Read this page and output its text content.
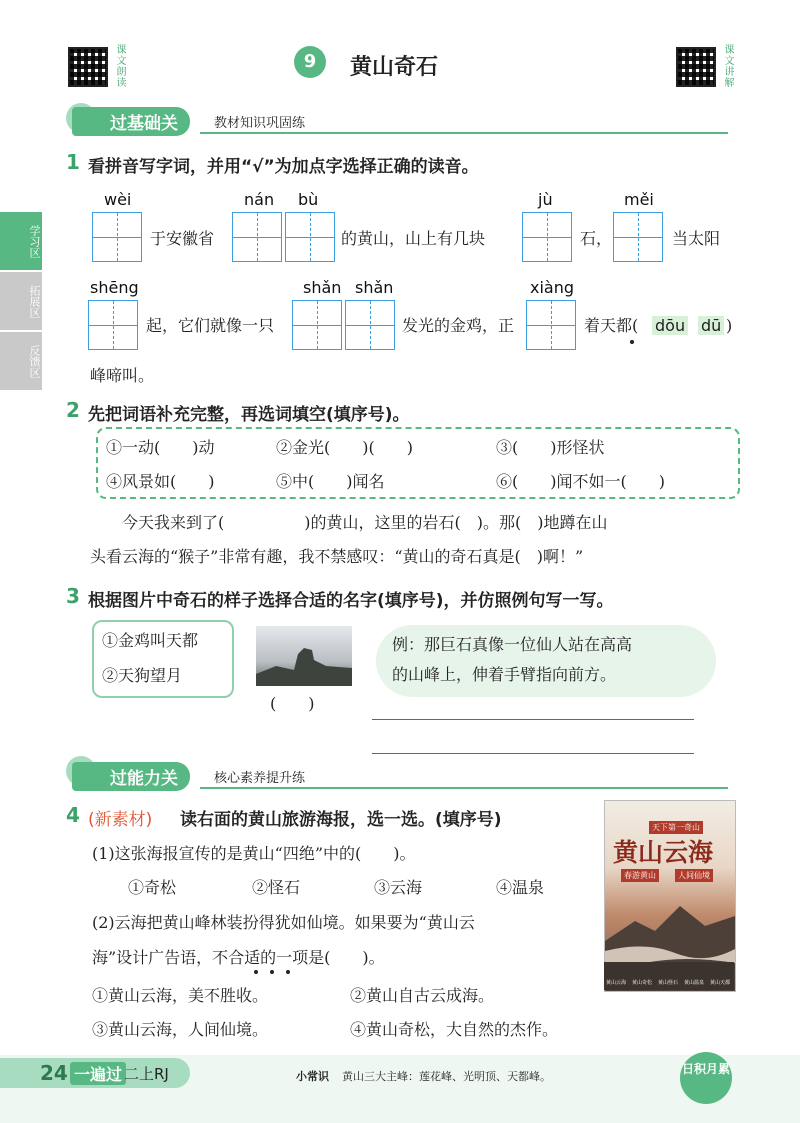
课文朗读	课文讲解
9	黄山奇石
过基础关	教材知识巩固练
学习区
拓展区
反馈区
1 看拼音写字词，并用“√”为加点字选择正确的读音。
wèi	nán bù	jù	měi
于安徽省	的黄山，山上有几块	石，	当太阳
shēng	shǎn shǎn	xiàng
起，它们就像一只	发光的金鸡，正	着天都( dōu dū )
峰啼叫。
2 先把词语补充完整，再选词填空(填序号)。
①一动(　　)动	②金光(　　)(　　)	③(　　)形怪状
④风景如(　　)	⑤中(　　)闻名	⑥(　　)闻不如一(　　)
今天我来到了(　　　　　)的黄山，这里的岩石(　)。那(　)地蹲在山
头看云海的“猴子”非常有趣，我不禁感叹：“黄山的奇石真是(　)啊！”
3 根据图片中奇石的样子选择合适的名字(填序号)，并仿照例句写一写。
①金鸡叫天都
②天狗望月
(　　)
例：那巨石真像一位仙人站在高高
的山峰上，伸着手臂指向前方。
过能力关	核心素养提升练
4 (新素材) 读右面的黄山旅游海报，选一选。(填序号)
(1)这张海报宣传的是黄山“四绝”中的(　　)。
①奇松	②怪石	③云海	④温泉
(2)云海把黄山峰林装扮得犹如仙境。如果要为“黄山云
海”设计广告语，不合适的一项是(　　)。
①黄山云海，美不胜收。	②黄山自古云成海。
③黄山云海，人间仙境。	④黄山奇松，大自然的杰作。
天下第一奇山
黄山云海
春游黄山	人间仙境
黄山云海 黄山奇松 黄山怪石 黄山温泉 黄山天都
24 一遍过 二上RJ	小常识 黄山三大主峰：莲花峰、光明顶、天都峰。
日积月累
